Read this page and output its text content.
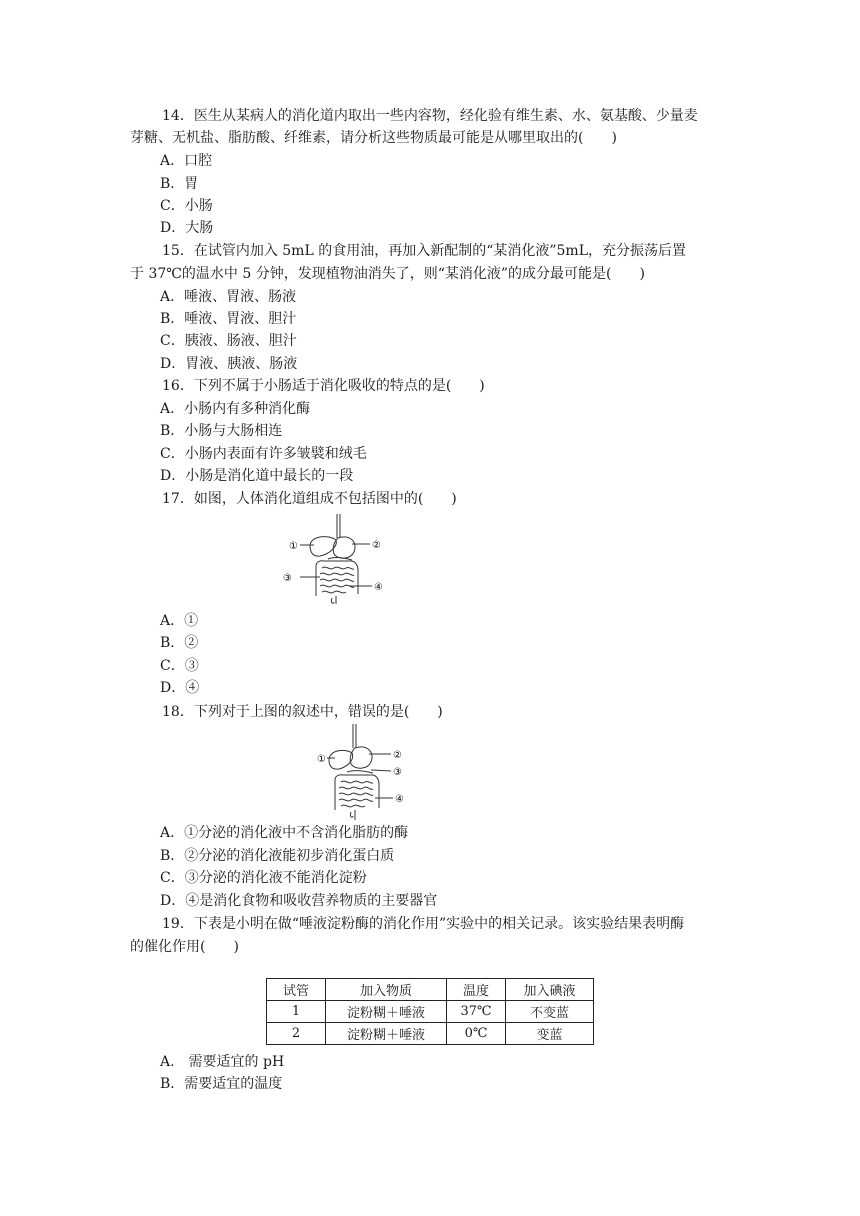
14．医生从某病人的消化道内取出一些内容物，经化验有维生素、水、氨基酸、少量麦
芽糖、无机盐、脂肪酸、纤维素，请分析这些物质最可能是从哪里取出的(　　)
A．口腔
B．胃
C．小肠
D．大肠
15．在试管内加入 5mL 的食用油，再加入新配制的“某消化液”5mL，充分振荡后置
于 37℃的温水中 5 分钟，发现植物油消失了，则“某消化液”的成分最可能是(　　)
A．唾液、胃液、肠液
B．唾液、胃液、胆汁
C．胰液、肠液、胆汁
D．胃液、胰液、肠液
16．下列不属于小肠适于消化吸收的特点的是(　　)
A．小肠内有多种消化酶
B．小肠与大肠相连
C．小肠内表面有许多皱襞和绒毛
D．小肠是消化道中最长的一段
17．如图，人体消化道组成不包括图中的(　　)
①	②
③
④
A．①
B．②
C．③
D．④
18．下列对于上图的叙述中，错误的是(　　)
①	②
③
④
A．①分泌的消化液中不含消化脂肪的酶
B．②分泌的消化液能初步消化蛋白质
C．③分泌的消化液不能消化淀粉
D．④是消化食物和吸收营养物质的主要器官
19．下表是小明在做“唾液淀粉酶的消化作用”实验中的相关记录。该实验结果表明酶
的催化作用(　　)
试管	加入物质	温度	加入碘液
1	淀粉糊＋唾液	37℃	不变蓝
2	淀粉糊＋唾液	0℃	变蓝
A.　需要适宜的 pH
B．需要适宜的温度
